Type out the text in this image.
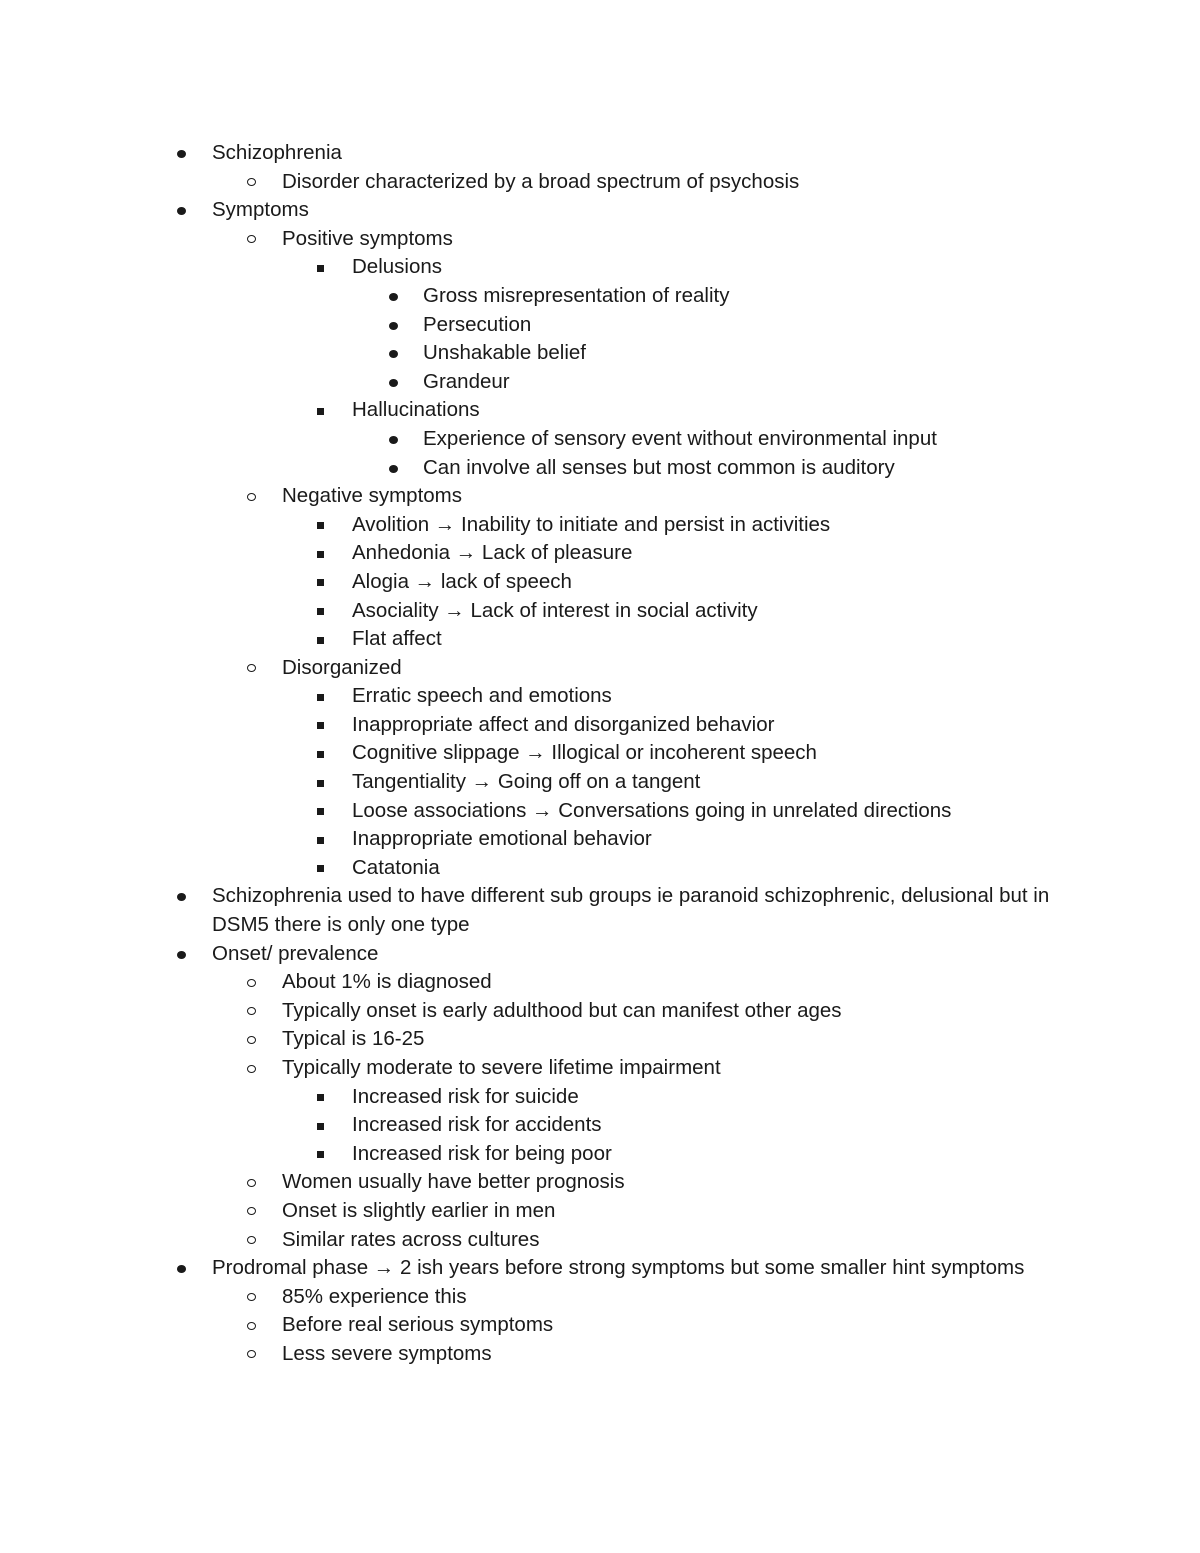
Schizophrenia
Disorder characterized by a broad spectrum of psychosis
Symptoms
Positive symptoms
Delusions
Gross misrepresentation of reality
Persecution
Unshakable belief
Grandeur
Hallucinations
Experience of sensory event without environmental input
Can involve all senses but most common is auditory
Negative symptoms
Avolition → Inability to initiate and persist in activities
Anhedonia → Lack of pleasure
Alogia → lack of speech
Asociality → Lack of interest in social activity
Flat affect
Disorganized
Erratic speech and emotions
Inappropriate affect and disorganized behavior
Cognitive slippage → Illogical or incoherent speech
Tangentiality → Going off on a tangent
Loose associations → Conversations going in unrelated directions
Inappropriate emotional behavior
Catatonia
Schizophrenia used to have different sub groups ie paranoid schizophrenic, delusional but in DSM5 there is only one type
Onset/ prevalence
About 1% is diagnosed
Typically onset is early adulthood but can manifest other ages
Typical is 16-25
Typically moderate to severe lifetime impairment
Increased risk for suicide
Increased risk for accidents
Increased risk for being poor
Women usually have better prognosis
Onset is slightly earlier in men
Similar rates across cultures
Prodromal phase → 2 ish years before strong symptoms but some smaller hint symptoms
85% experience this
Before real serious symptoms
Less severe symptoms
